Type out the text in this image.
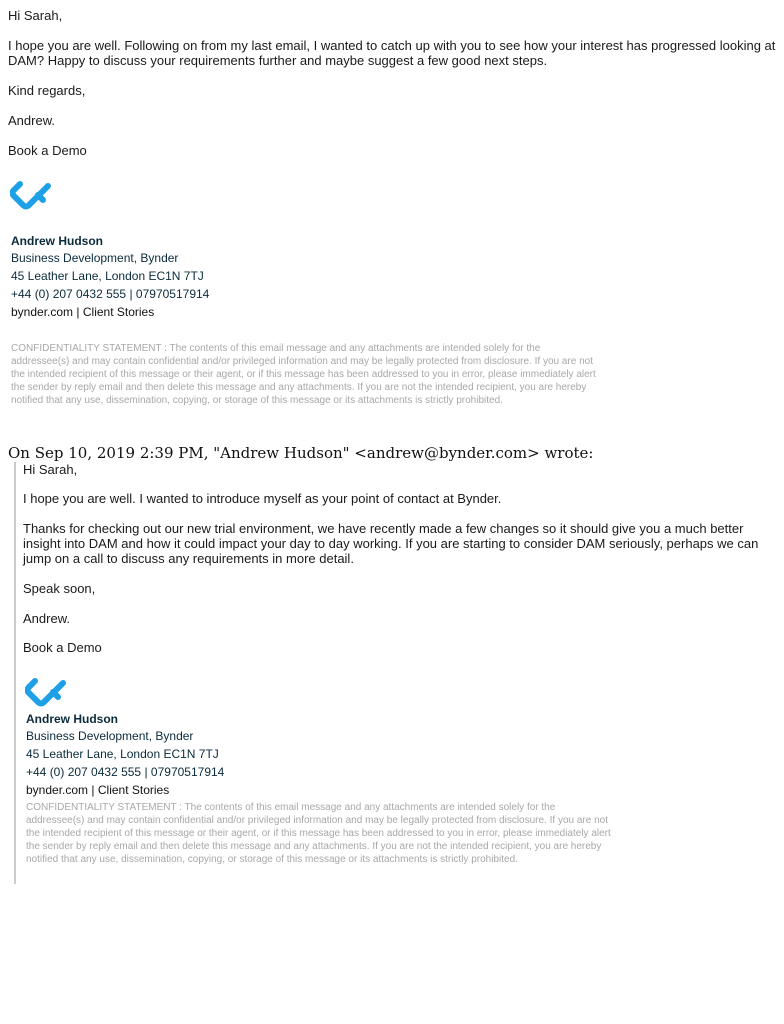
Hi Sarah,

I hope you are well. Following on from my last email, I wanted to catch up with you to see how your interest has progressed looking at DAM? Happy to discuss your requirements further and maybe suggest a few good next steps.

Kind regards,

Andrew.

Book a Demo

Andrew Hudson
Business Development, Bynder
45 Leather Lane, London EC1N 7TJ
+44 (0) 207 0432 555 | 07970517914
bynder.com | Client Stories
CONFIDENTIALITY STATEMENT : The contents of this email message and any attachments are intended solely for the addressee(s) and may contain confidential and/or privileged information and may be legally protected from disclosure. If you are not the intended recipient of this message or their agent, or if this message has been addressed to you in error, please immediately alert the sender by reply email and then delete this message and any attachments. If you are not the intended recipient, you are hereby notified that any use, dissemination, copying, or storage of this message or its attachments is strictly prohibited.
On Sep 10, 2019 2:39 PM, "Andrew Hudson" <andrew@bynder.com> wrote:

Hi Sarah,

I hope you are well. I wanted to introduce myself as your point of contact at Bynder.

Thanks for checking out our new trial environment, we have recently made a few changes so it should give you a much better insight into DAM and how it could impact your day to day working. If you are starting to consider DAM seriously, perhaps we can jump on a call to discuss any requirements in more detail.

Speak soon,

Andrew.

Book a Demo

Andrew Hudson
Business Development, Bynder
45 Leather Lane, London EC1N 7TJ
+44 (0) 207 0432 555 | 07970517914
bynder.com | Client Stories
CONFIDENTIALITY STATEMENT : The contents of this email message and any attachments are intended solely for the addressee(s) and may contain confidential and/or privileged information and may be legally protected from disclosure. If you are not the intended recipient of this message or their agent, or if this message has been addressed to you in error, please immediately alert the sender by reply email and then delete this message and any attachments. If you are not the intended recipient, you are hereby notified that any use, dissemination, copying, or storage of this message or its attachments is strictly prohibited.
